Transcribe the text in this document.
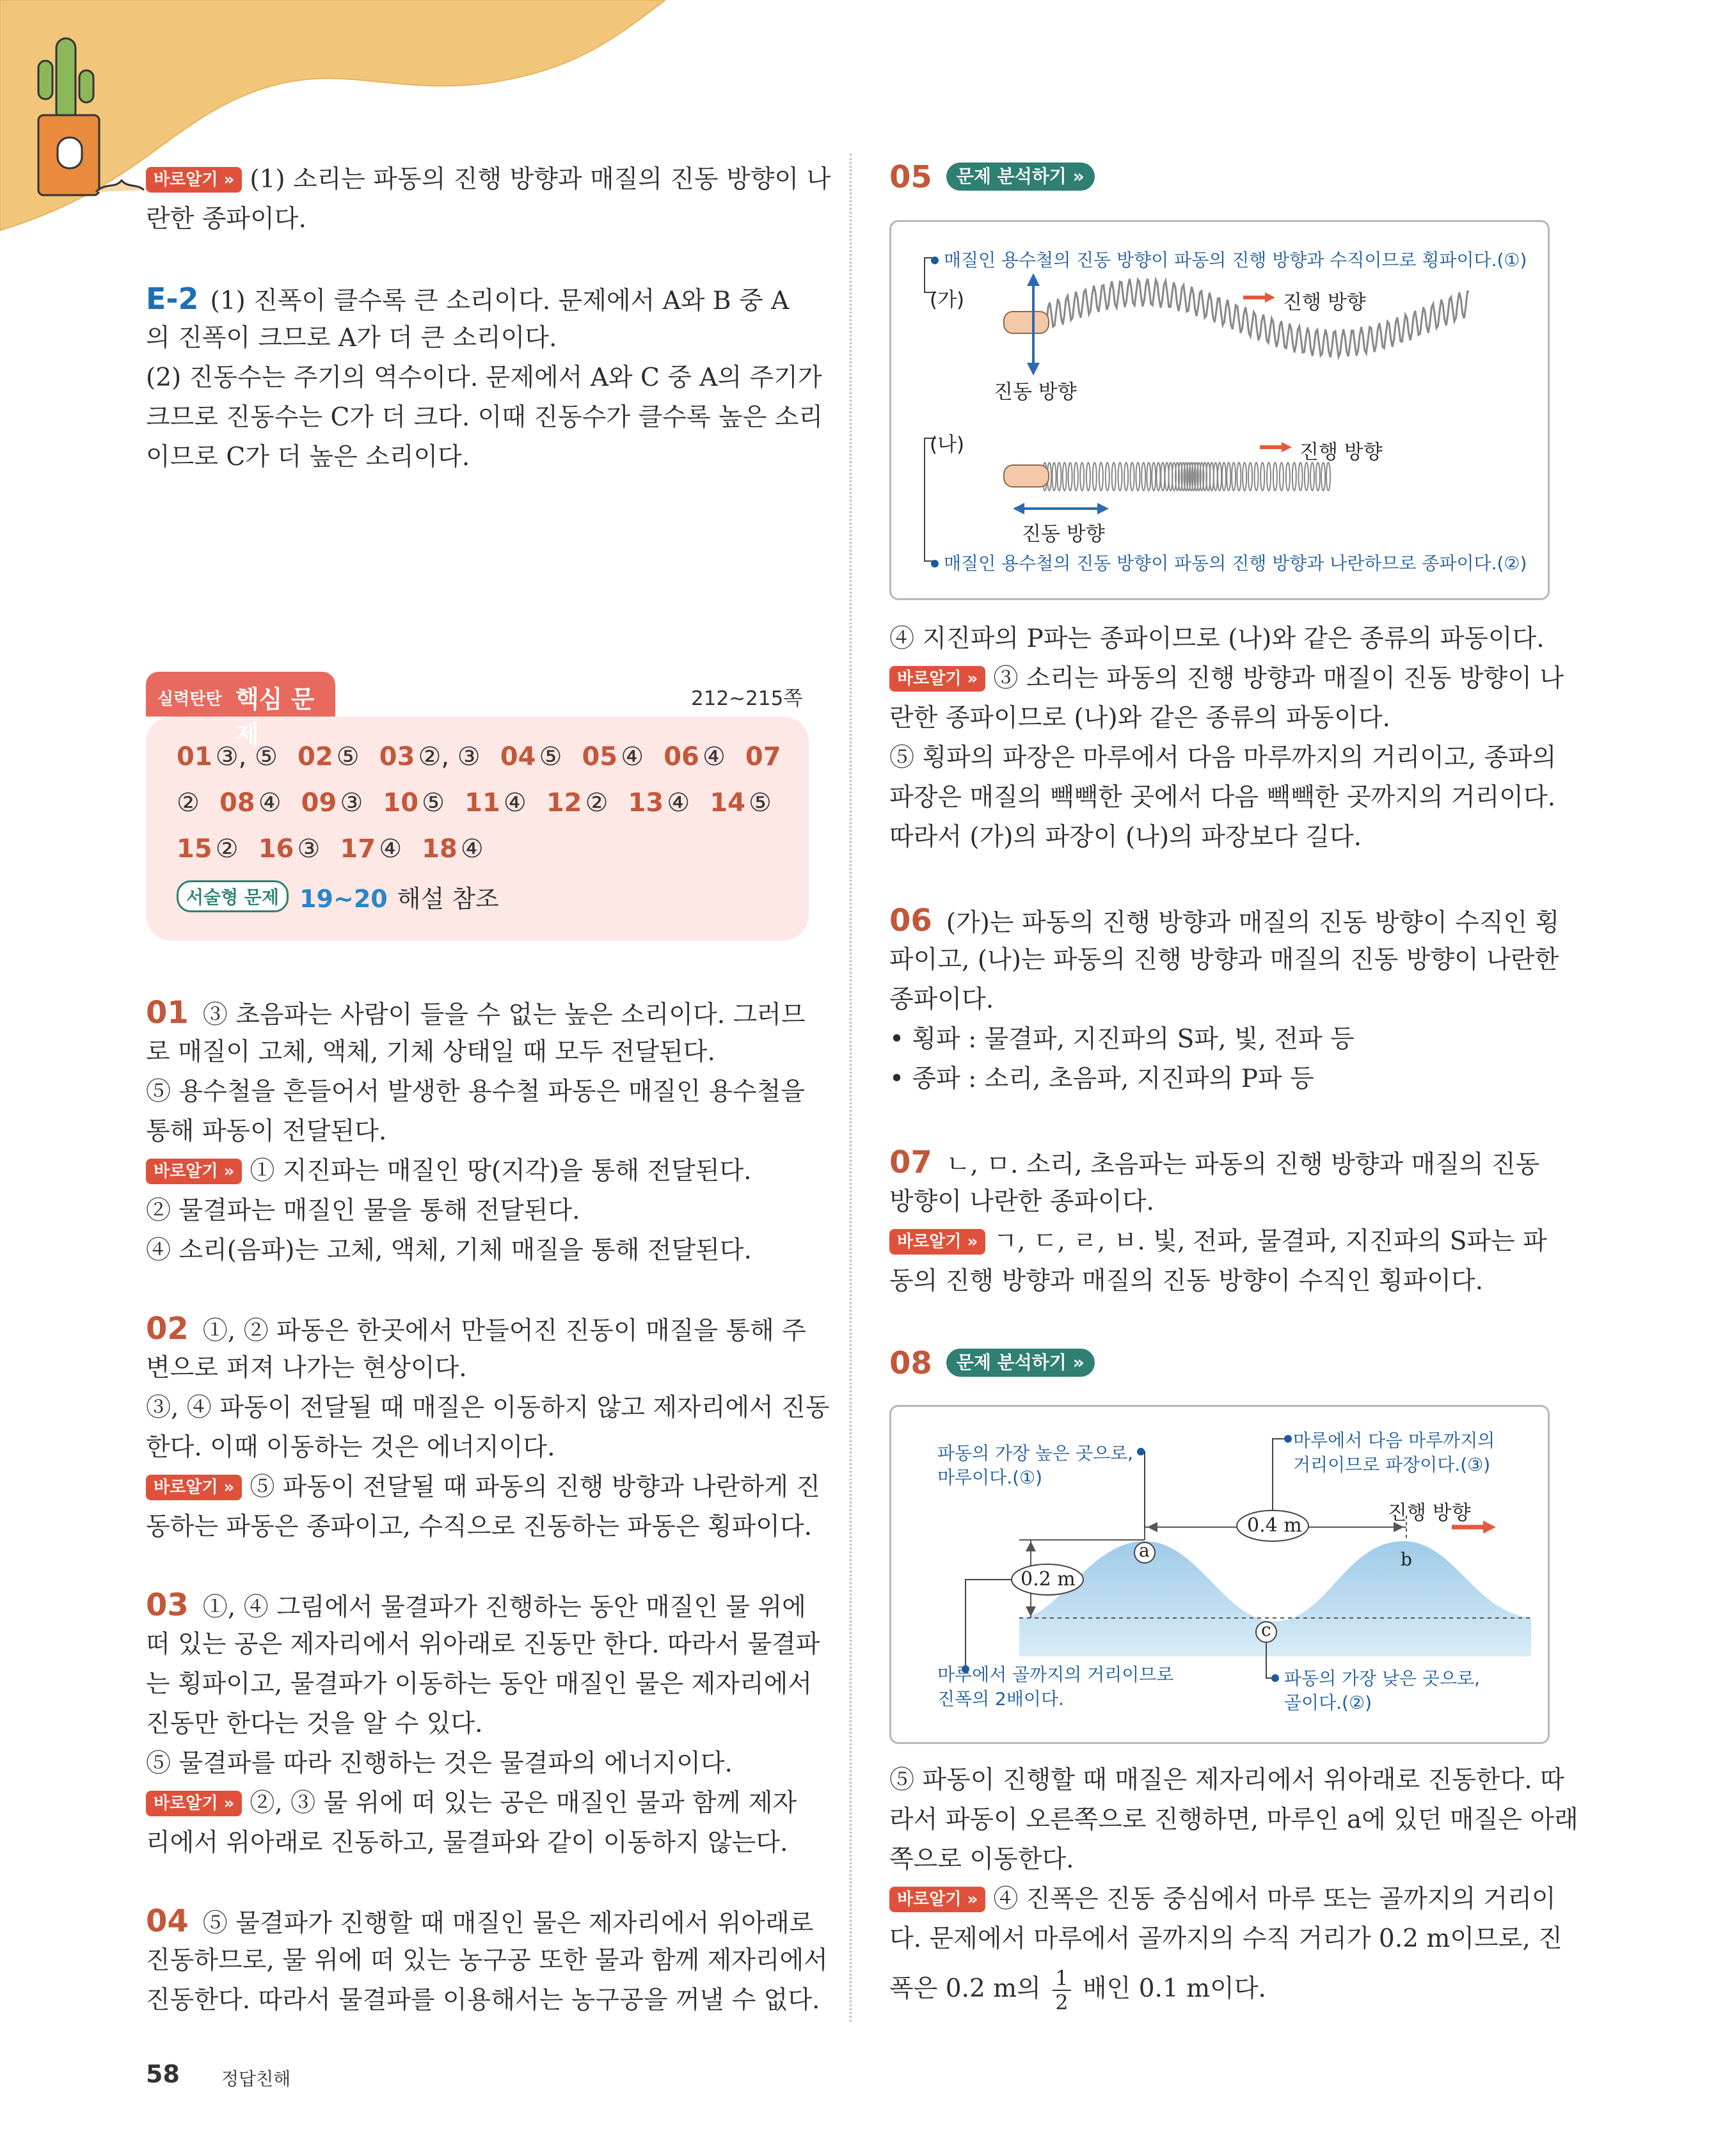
바로알기 » (1) 소리는 파동의 진행 방향과 매질의 진동 방향이 나
란한 종파이다.
E-2 (1) 진폭이 클수록 큰 소리이다. 문제에서 A와 B 중 A
의 진폭이 크므로 A가 더 큰 소리이다.
(2) 진동수는 주기의 역수이다. 문제에서 A와 C 중 A의 주기가
크므로 진동수는 C가 더 크다. 이때 진동수가 클수록 높은 소리
이므로 C가 더 높은 소리이다.
실력탄탄 핵심 문제
212~215쪽
01 ③, ⑤ 02 ⑤ 03 ②, ③ 04 ⑤ 05 ④ 06 ④ 07
② 08 ④ 09 ③ 10 ⑤ 11 ④ 12 ② 13 ④ 14 ⑤
15 ② 16 ③ 17 ④ 18 ④
서술형 문제 19~20 해설 참조
01 ③ 초음파는 사람이 들을 수 없는 높은 소리이다. 그러므
로 매질이 고체, 액체, 기체 상태일 때 모두 전달된다.
⑤ 용수철을 흔들어서 발생한 용수철 파동은 매질인 용수철을
통해 파동이 전달된다.
바로알기 » ① 지진파는 매질인 땅(지각)을 통해 전달된다.
② 물결파는 매질인 물을 통해 전달된다.
④ 소리(음파)는 고체, 액체, 기체 매질을 통해 전달된다.
02 ①, ② 파동은 한곳에서 만들어진 진동이 매질을 통해 주
변으로 퍼져 나가는 현상이다.
③, ④ 파동이 전달될 때 매질은 이동하지 않고 제자리에서 진동
한다. 이때 이동하는 것은 에너지이다.
바로알기 » ⑤ 파동이 전달될 때 파동의 진행 방향과 나란하게 진
동하는 파동은 종파이고, 수직으로 진동하는 파동은 횡파이다.
03 ①, ④ 그림에서 물결파가 진행하는 동안 매질인 물 위에
떠 있는 공은 제자리에서 위아래로 진동만 한다. 따라서 물결파
는 횡파이고, 물결파가 이동하는 동안 매질인 물은 제자리에서
진동만 한다는 것을 알 수 있다.
⑤ 물결파를 따라 진행하는 것은 물결파의 에너지이다.
바로알기 » ②, ③ 물 위에 떠 있는 공은 매질인 물과 함께 제자
리에서 위아래로 진동하고, 물결파와 같이 이동하지 않는다.
04 ⑤ 물결파가 진행할 때 매질인 물은 제자리에서 위아래로
진동하므로, 물 위에 떠 있는 농구공 또한 물과 함께 제자리에서
진동한다. 따라서 물결파를 이용해서는 농구공을 꺼낼 수 없다.
58 정답친해
05 문제 분석하기 »
매질인 용수철의 진동 방향이 파동의 진행 방향과 수직이므로 횡파이다.(①)
(가)	진행 방향
진동 방향
(나)	진행 방향
진동 방향
매질인 용수철의 진동 방향이 파동의 진행 방향과 나란하므로 종파이다.(②)
④ 지진파의 P파는 종파이므로 (나)와 같은 종류의 파동이다.
바로알기 » ③ 소리는 파동의 진행 방향과 매질이 진동 방향이 나
란한 종파이므로 (나)와 같은 종류의 파동이다.
⑤ 횡파의 파장은 마루에서 다음 마루까지의 거리이고, 종파의
파장은 매질의 빽빽한 곳에서 다음 빽빽한 곳까지의 거리이다.
따라서 (가)의 파장이 (나)의 파장보다 길다.
06 (가)는 파동의 진행 방향과 매질의 진동 방향이 수직인 횡
파이고, (나)는 파동의 진행 방향과 매질의 진동 방향이 나란한
종파이다.
• 횡파 : 물결파, 지진파의 S파, 빛, 전파 등
• 종파 : 소리, 초음파, 지진파의 P파 등
07 ㄴ, ㅁ. 소리, 초음파는 파동의 진행 방향과 매질의 진동
방향이 나란한 종파이다.
바로알기 » ㄱ, ㄷ, ㄹ, ㅂ. 빛, 전파, 물결파, 지진파의 S파는 파
동의 진행 방향과 매질의 진동 방향이 수직인 횡파이다.
08 문제 분석하기 »
파동의 가장 높은 곳으로,
마루이다.(①)
마루에서 다음 마루까지의
거리이므로 파장이다.(③)
진행 방향
0.4 m
0.2 m
a	b
c
마루에서 골까지의 거리이므로
진폭의 2배이다.
파동의 가장 낮은 곳으로,
골이다.(②)
⑤ 파동이 진행할 때 매질은 제자리에서 위아래로 진동한다. 따
라서 파동이 오른쪽으로 진행하면, 마루인 a에 있던 매질은 아래
쪽으로 이동한다.
바로알기 » ④ 진폭은 진동 중심에서 마루 또는 골까지의 거리이
다. 문제에서 마루에서 골까지의 수직 거리가 0.2 m이므로, 진
폭은 0.2 m의 $\frac{1}{2}$ 배인 0.1 m이다.
